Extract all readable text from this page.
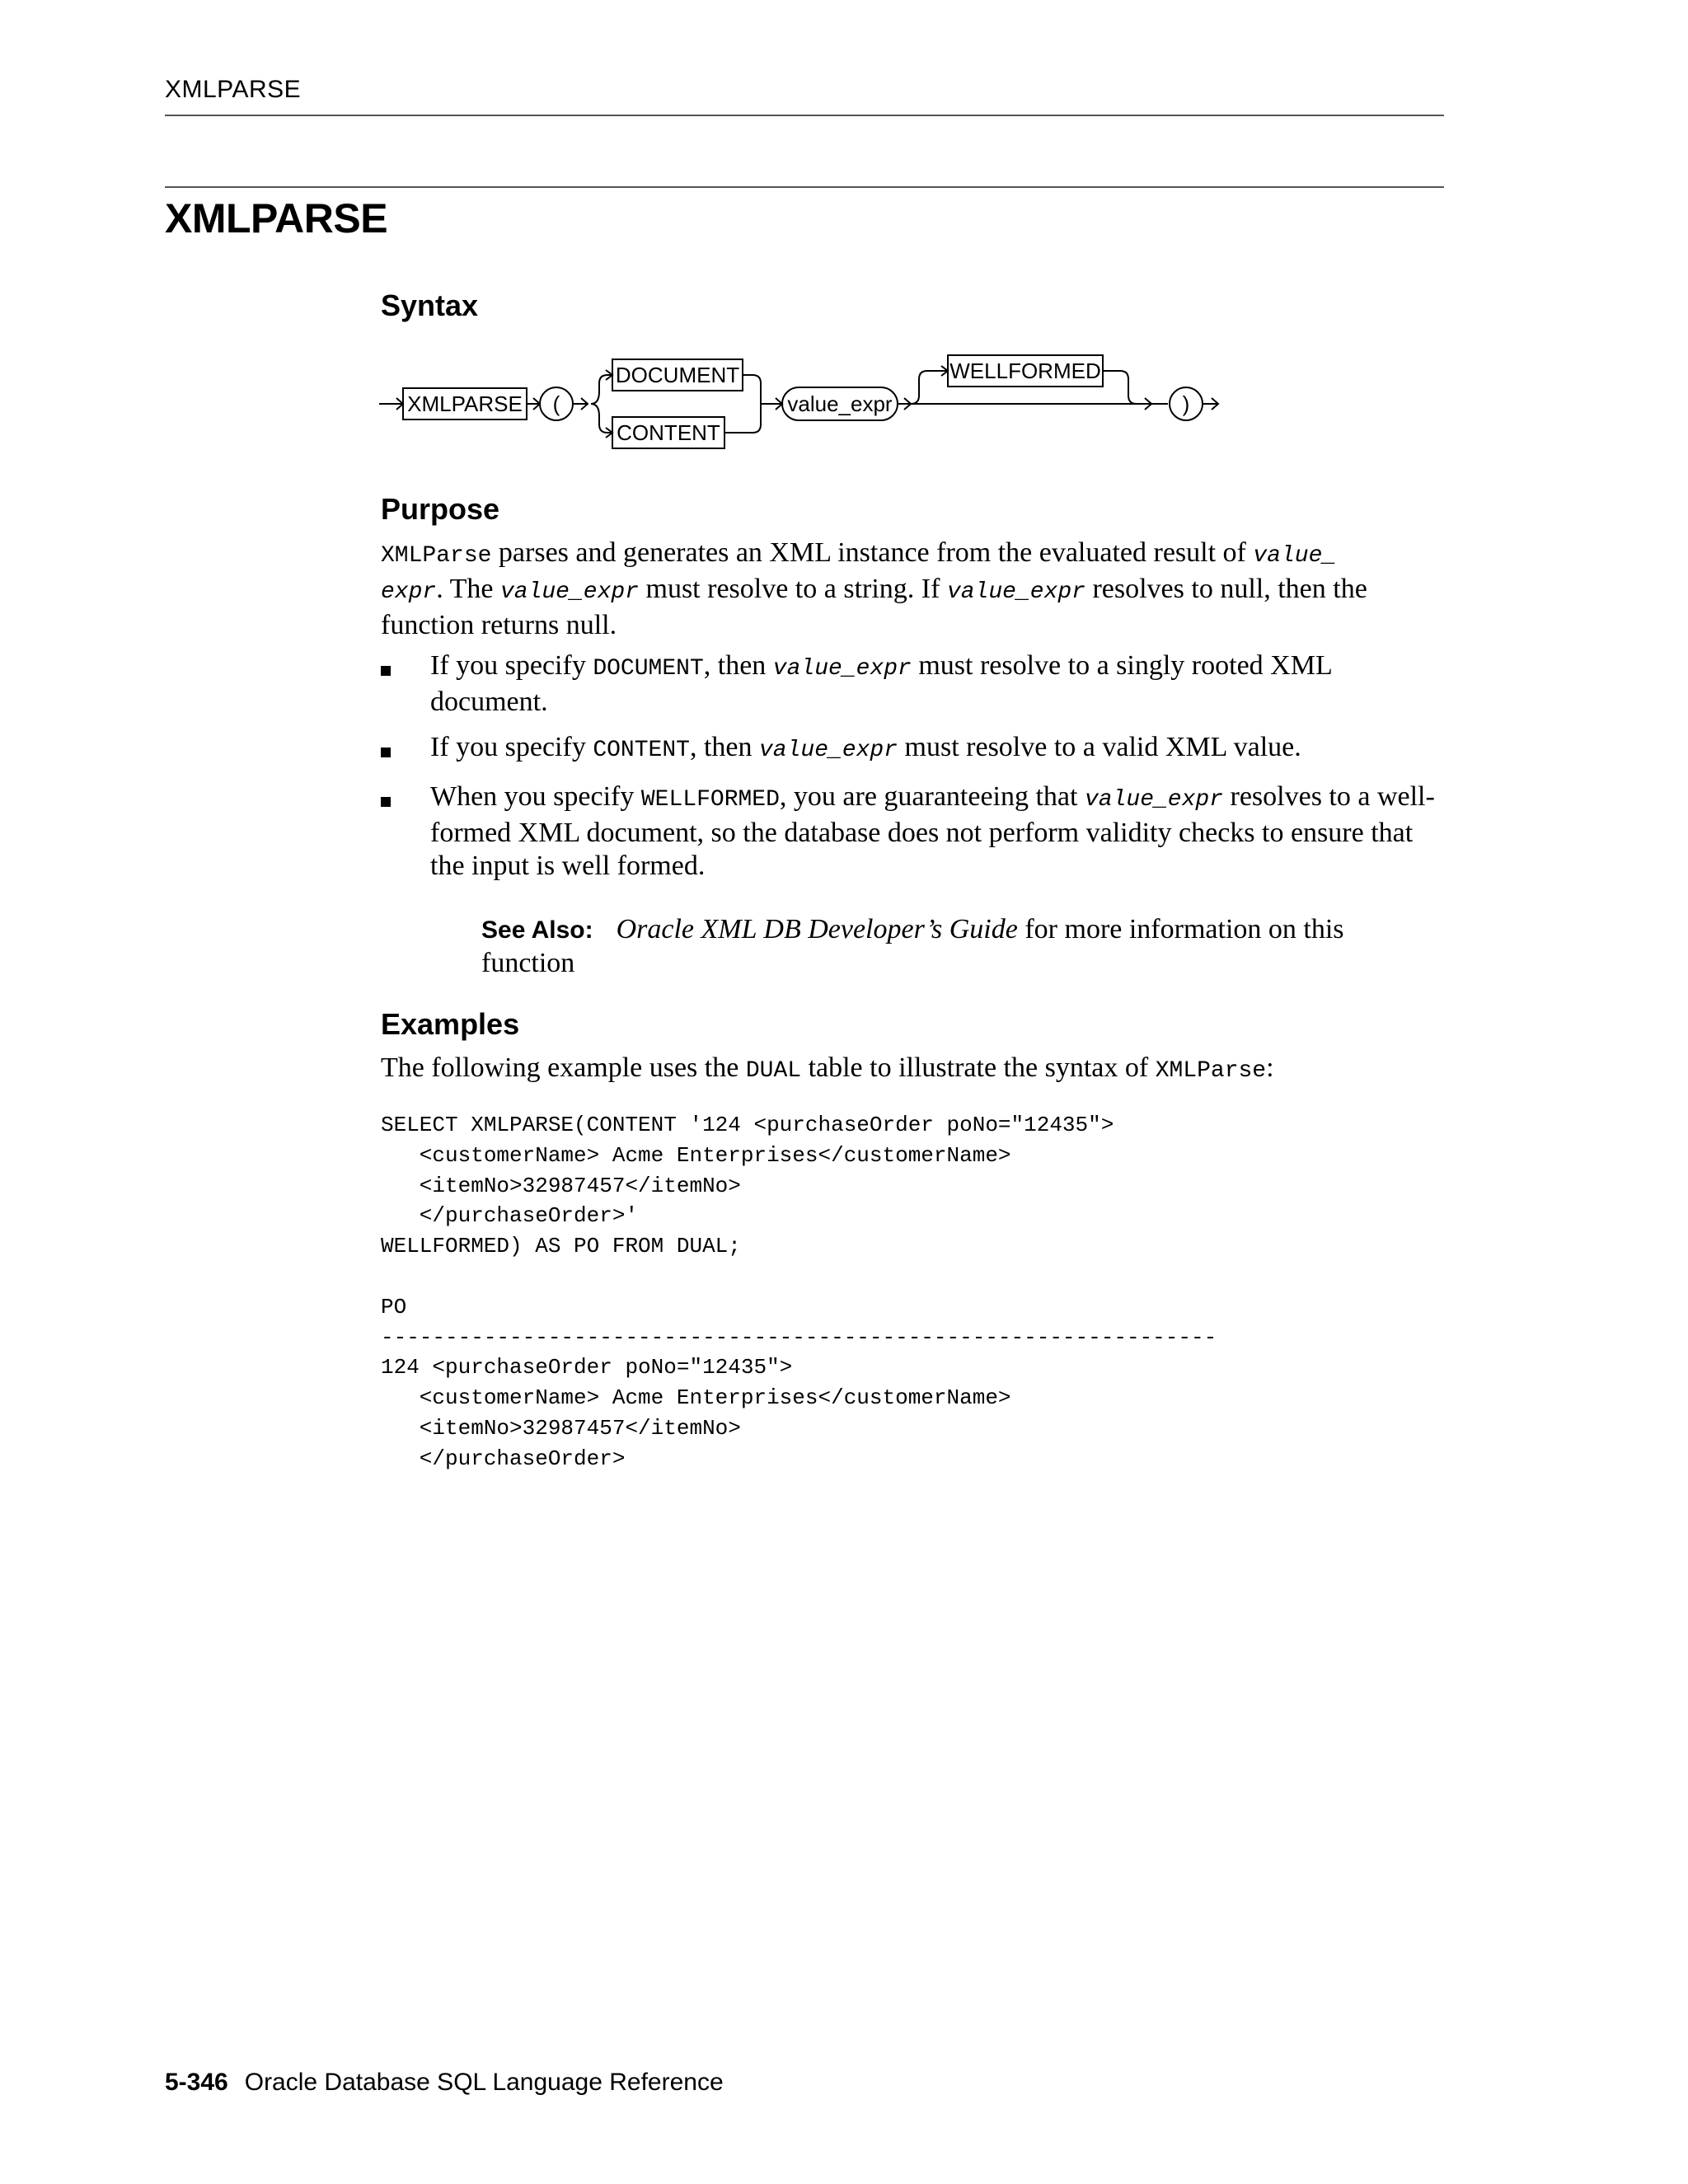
XMLPARSE
XMLPARSE
Syntax
XMLPARSE (
DOCUMENT
CONTENT
value_expr
WELLFORMED
)
Purpose
XMLParse parses and generates an XML instance from the evaluated result of value_
expr. The value_expr must resolve to a string. If value_expr resolves to null, then the function returns null.
If you specify DOCUMENT, then value_expr must resolve to a singly rooted XML document.
If you specify CONTENT, then value_expr must resolve to a valid XML value.
When you specify WELLFORMED, you are guaranteeing that value_expr resolves to a well-formed XML document, so the database does not perform validity checks to ensure that the input is well formed.
See Also: Oracle XML DB Developer’s Guide for more information on this function
Examples
The following example uses the DUAL table to illustrate the syntax of XMLParse:
SELECT XMLPARSE(CONTENT '124 <purchaseOrder poNo="12435">
<customerName> Acme Enterprises</customerName>
<itemNo>32987457</itemNo>
</purchaseOrder>'
WELLFORMED) AS PO FROM DUAL;

PO
-----------------------------------------------------------------
124 <purchaseOrder poNo="12435">
<customerName> Acme Enterprises</customerName>
<itemNo>32987457</itemNo>
</purchaseOrder>
5-346 Oracle Database SQL Language Reference
